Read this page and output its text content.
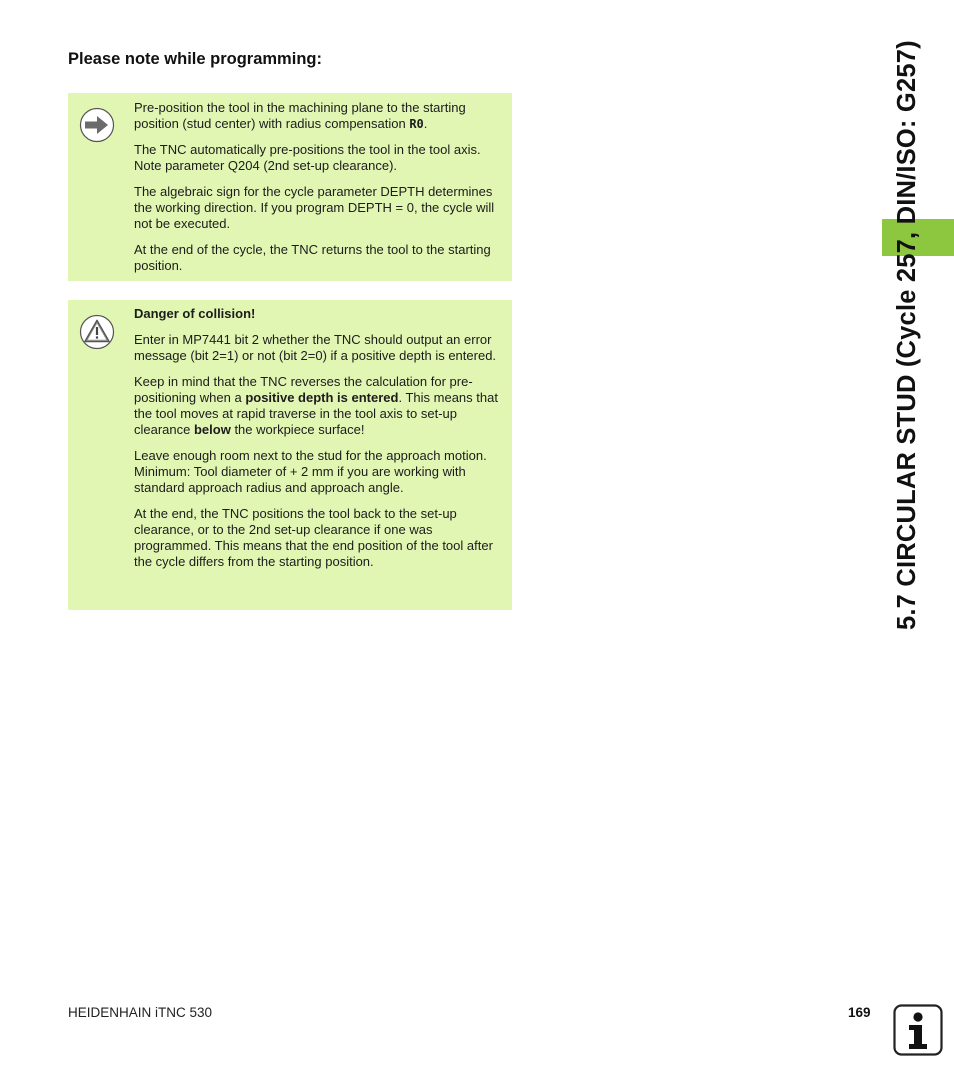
Please note while programming:

Pre-position the tool in the machining plane to the starting position (stud center) with radius compensation R0.

The TNC automatically pre-positions the tool in the tool axis. Note parameter Q204 (2nd set-up clearance).

The algebraic sign for the cycle parameter DEPTH determines the working direction. If you program DEPTH = 0, the cycle will not be executed.

At the end of the cycle, the TNC returns the tool to the starting position.

Danger of collision!

Enter in MP7441 bit 2 whether the TNC should output an error message (bit 2=1) or not (bit 2=0) if a positive depth is entered.

Keep in mind that the TNC reverses the calculation for pre-positioning when a positive depth is entered. This means that the tool moves at rapid traverse in the tool axis to set-up clearance below the workpiece surface!

Leave enough room next to the stud for the approach motion. Minimum: Tool diameter of + 2 mm if you are working with standard approach radius and approach angle.

At the end, the TNC positions the tool back to the set-up clearance, or to the 2nd set-up clearance if one was programmed. This means that the end position of the tool after the cycle differs from the starting position.	5.7 CIRCULAR STUD (Cycle 257, DIN/ISO: G257)
HEIDENHAIN iTNC 530	169
